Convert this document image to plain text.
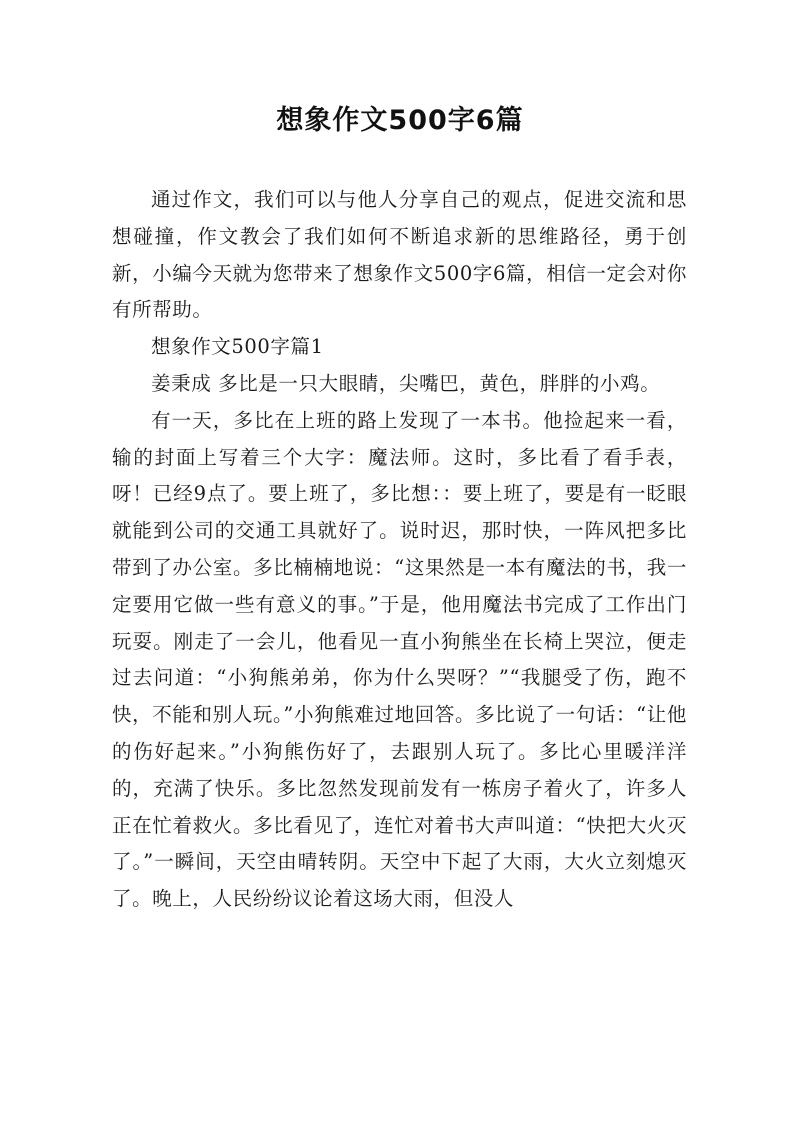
想象作文500字6篇

通过作文，我们可以与他人分享自己的观点，促进交流和思想碰撞，作文教会了我们如何不断追求新的思维路径，勇于创新，小编今天就为您带来了想象作文500字6篇，相信一定会对你有所帮助。

想象作文500字篇1

姜秉成 多比是一只大眼睛，尖嘴巴，黄色，胖胖的小鸡。

有一天，多比在上班的路上发现了一本书。他捡起来一看，输的封面上写着三个大字：魔法师。这时，多比看了看手表，呀！已经9点了。要上班了，多比想：：要上班了，要是有一眨眼就能到公司的交通工具就好了。说时迟，那时快，一阵风把多比带到了办公室。多比楠楠地说：“这果然是一本有魔法的书，我一定要用它做一些有意义的事。”于是，他用魔法书完成了工作出门玩耍。刚走了一会儿，他看见一直小狗熊坐在长椅上哭泣，便走过去问道：“小狗熊弟弟，你为什么哭呀？”“我腿受了伤，跑不快，不能和别人玩。”小狗熊难过地回答。多比说了一句话：“让他的伤好起来。”小狗熊伤好了，去跟别人玩了。多比心里暖洋洋的，充满了快乐。多比忽然发现前发有一栋房子着火了，许多人正在忙着救火。多比看见了，连忙对着书大声叫道：“快把大火灭了。”一瞬间，天空由晴转阴。天空中下起了大雨，大火立刻熄灭了。晚上，人民纷纷议论着这场大雨，但没人
